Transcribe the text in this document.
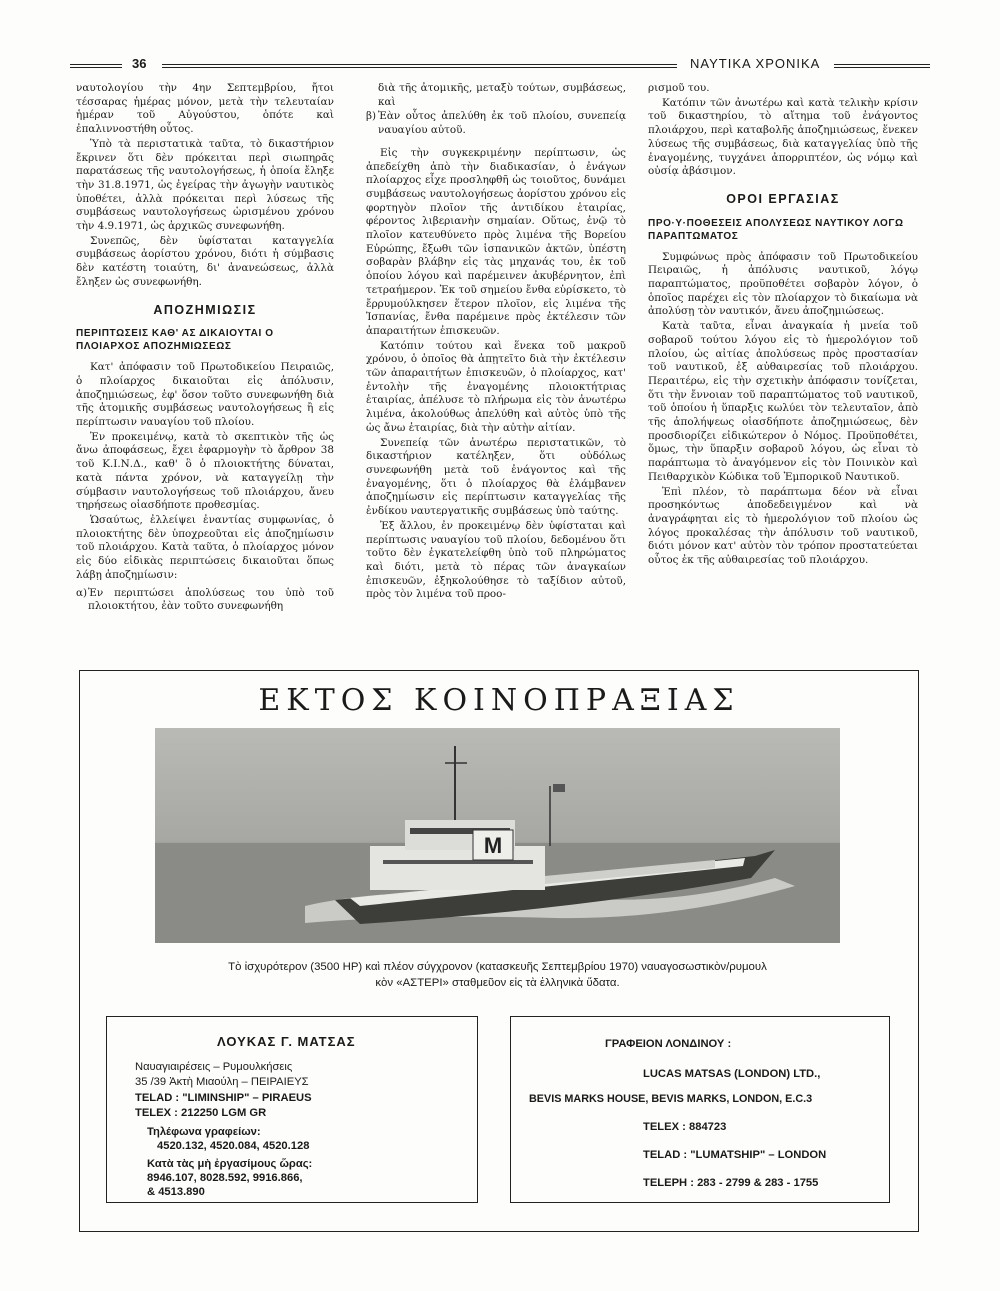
36	ΝΑΥΤΙΚΑ ΧΡΟΝΙΚΑ

ναυτολογίου τὴν 4ην Σεπτεμβρίου, ἤτοι τέσσαρας ἡμέρας μόνον, μετὰ τὴν τελευταίαν ἡμέραν τοῦ Αὐγούστου, ὁπότε καὶ ἐπαλιννοστήθη οὗτος.

Ὑπὸ τὰ περιστατικὰ ταῦτα, τὸ δικαστήριον ἔκρινεν ὅτι δὲν πρόκειται περὶ σιωπηρᾶς παρατάσεως τῆς ναυτολογήσεως, ἡ ὁποία ἔληξε τὴν 31.8.1971, ὡς ἐγείρας τὴν ἀγωγὴν ναυτικὸς ὑποθέτει, ἀλλὰ πρόκειται περὶ λύσεως τῆς συμβάσεως ναυτολογήσεως ὡρισμένου χρόνου τὴν 4.9.1971, ὡς ἀρχικῶς συνεφωνήθη.

Συνεπῶς, δὲν ὑφίσταται καταγγελία συμβάσεως ἀορίστου χρόνου, διότι ἡ σύμβασις δὲν κατέστη τοιαύτη, δι' ἀνανεώσεως, ἀλλὰ ἔληξεν ὡς συνεφωνήθη.

ΑΠΟΖΗΜΙΩΣΙΣ
ΠΕΡΙΠΤΩΣΕΙΣ ΚΑΘ' ΑΣ ΔΙΚΑΙΟΥΤΑΙ Ο ΠΛΟΙΑΡΧΟΣ ΑΠΟΖΗΜΙΩΣΕΩΣ

Κατ' ἀπόφασιν τοῦ Πρωτοδικείου Πειραιῶς, ὁ πλοίαρχος δικαιοῦται εἰς ἀπόλυσιν, ἀποζημιώσεως, ἐφ' ὅσον τοῦτο συνεφωνήθη διὰ τῆς ἀτομικῆς συμβάσεως ναυτολογήσεως ἢ εἰς περίπτωσιν ναυαγίου τοῦ πλοίου.

Ἐν προκειμένῳ, κατὰ τὸ σκεπτικὸν τῆς ὡς ἄνω ἀποφάσεως, ἔχει ἐφαρμογὴν τὸ ἄρθρον 38 τοῦ Κ.Ι.Ν.Δ., καθ' ὃ ὁ πλοιοκτήτης δύναται, κατὰ πάντα χρόνον, νὰ καταγγείλῃ τὴν σύμβασιν ναυτολογήσεως τοῦ πλοιάρχου, ἄνευ τηρήσεως οἱασδήποτε προθεσμίας.

Ὡσαύτως, ἐλλείψει ἐναντίας συμφωνίας, ὁ πλοιοκτήτης δὲν ὑποχρεοῦται εἰς ἀποζημίωσιν τοῦ πλοιάρχου. Κατὰ ταῦτα, ὁ πλοίαρχος μόνον εἰς δύο εἰδικὰς περιπτώσεις δικαιοῦται ὅπως λάβῃ ἀποζημίωσιν:

α) Ἐν περιπτώσει ἀπολύσεως του ὑπὸ τοῦ πλοιοκτήτου, ἐὰν τοῦτο συνεφωνήθη

διὰ τῆς ἀτομικῆς, μεταξὺ τούτων, συμβάσεως, καὶ

β) Ἐὰν οὗτος ἀπελύθη ἐκ τοῦ πλοίου, συνεπείᾳ ναυαγίου αὐτοῦ.

Εἰς τὴν συγκεκριμένην περίπτωσιν, ὡς ἀπεδείχθη ἀπὸ τὴν διαδικασίαν, ὁ ἐνάγων πλοίαρχος εἶχε προσληφθῆ ὡς τοιοῦτος, δυνάμει συμβάσεως ναυτολογήσεως ἀορίστου χρόνου εἰς φορτηγὸν πλοῖον τῆς ἀντιδίκου ἑταιρίας, φέροντος λιβεριανὴν σημαίαν. Οὕτως, ἐνῷ τὸ πλοῖον κατευθύνετο πρὸς λιμένα τῆς Βορείου Εὐρώπης, ἔξωθι τῶν ἱσπανικῶν ἀκτῶν, ὑπέστη σοβαρὰν βλάβην εἰς τὰς μηχανάς του, ἐκ τοῦ ὁποίου λόγου καὶ παρέμεινεν ἀκυβέρνητον, ἐπὶ τετραήμερον. Ἐκ τοῦ σημείου ἔνθα εὑρίσκετο, τὸ ἔρρυμούλκησεν ἕτερον πλοῖον, εἰς λιμένα τῆς Ἰσπανίας, ἔνθα παρέμεινε πρὸς ἐκτέλεσιν τῶν ἀπαραιτήτων ἐπισκευῶν.

Κατόπιν τούτου καὶ ἕνεκα τοῦ μακροῦ χρόνου, ὁ ὁποῖος θὰ ἀπῃτεῖτο διὰ τὴν ἐκτέλεσιν τῶν ἀπαραιτήτων ἐπισκευῶν, ὁ πλοίαρχος, κατ' ἐντολὴν τῆς ἐναγομένης πλοιοκτήτριας ἑταιρίας, ἀπέλυσε τὸ πλήρωμα εἰς τὸν ἀνωτέρω λιμένα, ἀκολούθως ἀπελύθη καὶ αὐτὸς ὑπὸ τῆς ὡς ἄνω ἑταιρίας, διὰ τὴν αὐτὴν αἰτίαν.

Συνεπείᾳ τῶν ἀνωτέρω περιστατικῶν, τὸ δικαστήριον κατέληξεν, ὅτι οὐδόλως συνεφωνήθη μετὰ τοῦ ἐνάγοντος καὶ τῆς ἐναγομένης, ὅτι ὁ πλοίαρχος θὰ ἐλάμβανεν ἀποζημίωσιν εἰς περίπτωσιν καταγγελίας τῆς ἐνδίκου ναυτεργατικῆς συμβάσεως ὑπὸ ταύτης.

Ἐξ ἄλλου, ἐν προκειμένῳ δὲν ὑφίσταται καὶ περίπτωσις ναυαγίου τοῦ πλοίου, δεδομένου ὅτι τοῦτο δὲν ἐγκατελείφθη ὑπὸ τοῦ πληρώματος καὶ διότι, μετὰ τὸ πέρας τῶν ἀναγκαίων ἐπισκευῶν, ἐξηκολούθησε τὸ ταξίδιον αὐτοῦ, πρὸς τὸν λιμένα τοῦ προο-

ρισμοῦ του.

Κατόπιν τῶν ἀνωτέρω καὶ κατὰ τελικὴν κρίσιν τοῦ δικαστηρίου, τὸ αἴτημα τοῦ ἐνάγοντος πλοιάρχου, περὶ καταβολῆς ἀποζημιώσεως, ἕνεκεν λύσεως τῆς συμβάσεως, διὰ καταγγελίας ὑπὸ τῆς ἐναγομένης, τυγχάνει ἀπορριπτέον, ὡς νόμῳ καὶ οὐσίᾳ ἀβάσιμον.

ΟΡΟΙ ΕΡΓΑΣΙΑΣ
ΠΡΟ·Υ·ΠΟΘΕΣΕΙΣ ΑΠΟΛΥΣΕΩΣ ΝΑΥΤΙΚΟΥ ΛΟΓΩ ΠΑΡΑΠΤΩΜΑΤΟΣ

Συμφώνως πρὸς ἀπόφασιν τοῦ Πρωτοδικείου Πειραιῶς, ἡ ἀπόλυσις ναυτικοῦ, λόγῳ παραπτώματος, προϋποθέτει σοβαρὸν λόγον, ὁ ὁποῖος παρέχει εἰς τὸν πλοίαρχον τὸ δικαίωμα νὰ ἀπολύσῃ τὸν ναυτικόν, ἄνευ ἀποζημιώσεως.

Κατὰ ταῦτα, εἶναι ἀναγκαία ἡ μνεία τοῦ σοβαροῦ τούτου λόγου εἰς τὸ ἡμερολόγιον τοῦ πλοίου, ὡς αἰτίας ἀπολύσεως πρὸς προστασίαν τοῦ ναυτικοῦ, ἐξ αὐθαιρεσίας τοῦ πλοιάρχου. Περαιτέρω, εἰς τὴν σχετικὴν ἀπόφασιν τονίζεται, ὅτι τὴν ἔννοιαν τοῦ παραπτώματος τοῦ ναυτικοῦ, τοῦ ὁποίου ἡ ὕπαρξις κωλύει τὸν τελευταῖον, ἀπὸ τῆς ἀπολήψεως οἱασδήποτε ἀποζημιώσεως, δὲν προσδιορίζει εἰδικώτερον ὁ Νόμος. Προϋποθέτει, ὅμως, τὴν ὕπαρξιν σοβαροῦ λόγου, ὡς εἶναι τὸ παράπτωμα τὸ ἀναγόμενον εἰς τὸν Ποινικὸν καὶ Πειθαρχικὸν Κώδικα τοῦ Ἐμπορικοῦ Ναυτικοῦ.

Ἐπὶ πλέον, τὸ παράπτωμα δέον νὰ εἶναι προσηκόντως ἀποδεδειγμένον καὶ νὰ ἀναγράφηται εἰς τὸ ἡμερολόγιον τοῦ πλοίου ὡς λόγος προκαλέσας τὴν ἀπόλυσιν τοῦ ναυτικοῦ, διότι μόνον κατ' αὐτὸν τὸν τρόπον προστατεύεται οὗτος ἐκ τῆς αὐθαιρεσίας τοῦ πλοιάρχου.

ΕΚΤΟΣ ΚΟΙΝΟΠΡΑΞΙΑΣ
M
Τὸ ἰσχυρότερον (3500 HP) καὶ πλέον σύγχρονον (κατασκευῆς Σεπτεμβρίου 1970) ναυαγοσωστικὸν/ρυμουλ
κὸν «ΑΣΤΕΡΙ» σταθμεῦον εἰς τὰ ἑλληνικὰ ὕδατα.
ΛΟΥΚΑΣ Γ. ΜΑΤΣΑΣ
Ναυαγιαιρέσεις – Ρυμουλκήσεις
35 /39 Ἀκτὴ Μιαούλη – ΠΕΙΡΑΙΕΥΣ
ΤELAD : "LIMINSHIP" – PIRAEUS
TELEX : 212250 LGM GR
Τηλέφωνα γραφείων:
4520.132, 4520.084, 4520.128
Κατὰ τὰς μὴ ἐργασίμους ὥρας:
8946.107, 8028.592, 9916.866,
& 4513.890
ΓΡΑΦΕΙΟΝ ΛΟΝΔΙΝΟΥ :
LUCAS MATSAS (LONDON) LTD.,
BEVIS MARKS HOUSE, BEVIS MARKS, LONDON, E.C.3
TELEX : 884723
TELAD : "LUMATSHIP" – LONDON
TELEPH : 283 - 2799 & 283 - 1755
